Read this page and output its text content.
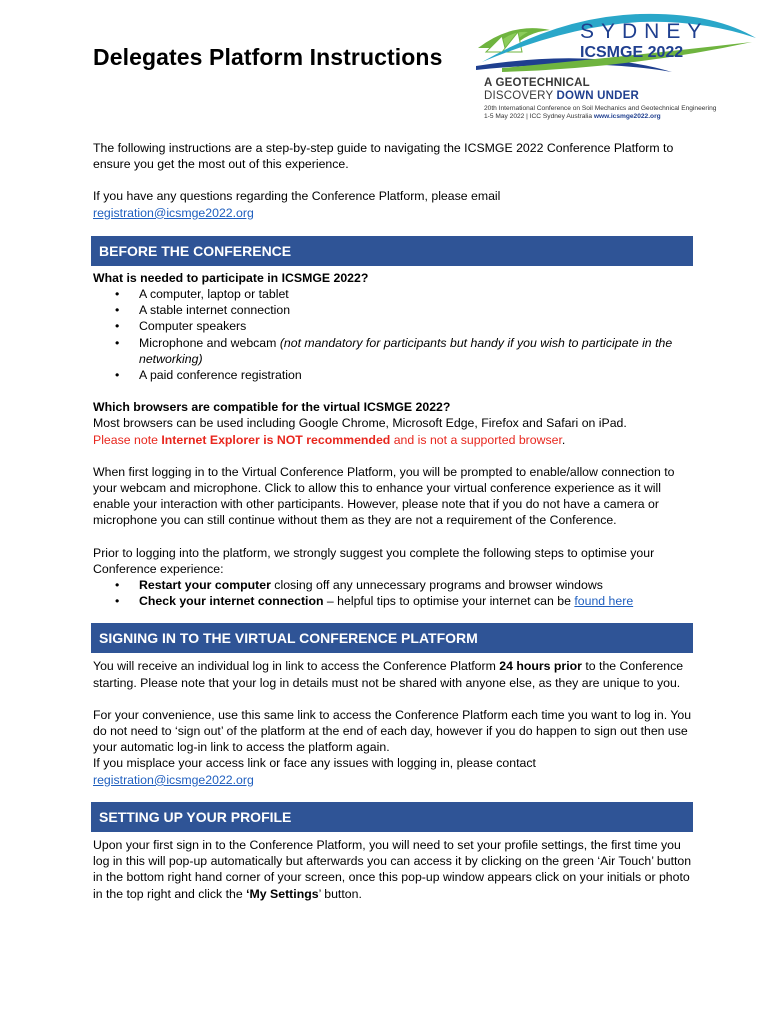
Delegates Platform Instructions
SYDNEY
ICSMGE 2022
A GEOTECHNICAL
DISCOVERY DOWN UNDER
20th International Conference on Soil Mechanics and Geotechnical Engineering
1-5 May 2022 | ICC Sydney Australia www.icsmge2022.org

The following instructions are a step-by-step guide to navigating the ICSMGE 2022 Conference Platform to ensure you get the most out of this experience.

If you have any questions regarding the Conference Platform, please email

registration@icsmge2022.org

BEFORE THE CONFERENCE

What is needed to participate in ICSMGE 2022?

• A computer, laptop or tablet
• A stable internet connection
• Computer speakers
• Microphone and webcam (not mandatory for participants but handy if you wish to participate in the networking)
• A paid conference registration

Which browsers are compatible for the virtual ICSMGE 2022?

Most browsers can be used including Google Chrome, Microsoft Edge, Firefox and Safari on iPad.

Please note Internet Explorer is NOT recommended and is not a supported browser.

When first logging in to the Virtual Conference Platform, you will be prompted to enable/allow connection to your webcam and microphone. Click to allow this to enhance your virtual conference experience as it will enable your interaction with other participants. However, please note that if you do not have a camera or microphone you can still continue without them as they are not a requirement of the Conference.

Prior to logging into the platform, we strongly suggest you complete the following steps to optimise your Conference experience:

• Restart your computer closing off any unnecessary programs and browser windows
• Check your internet connection – helpful tips to optimise your internet can be found here
SIGNING IN TO THE VIRTUAL CONFERENCE PLATFORM

You will receive an individual log in link to access the Conference Platform 24 hours prior to the Conference starting. Please note that your log in details must not be shared with anyone else, as they are unique to you.

For your convenience, use this same link to access the Conference Platform each time you want to log in. You do not need to ‘sign out’ of the platform at the end of each day, however if you do happen to sign out then use your automatic log-in link to access the platform again.

If you misplace your access link or face any issues with logging in, please contact

registration@icsmge2022.org

SETTING UP YOUR PROFILE

Upon your first sign in to the Conference Platform, you will need to set your profile settings, the first time you log in this will pop-up automatically but afterwards you can access it by clicking on the green ‘Air Touch’ button in the bottom right hand corner of your screen, once this pop-up window appears click on your initials or photo in the top right and click the ‘My Settings’ button.
